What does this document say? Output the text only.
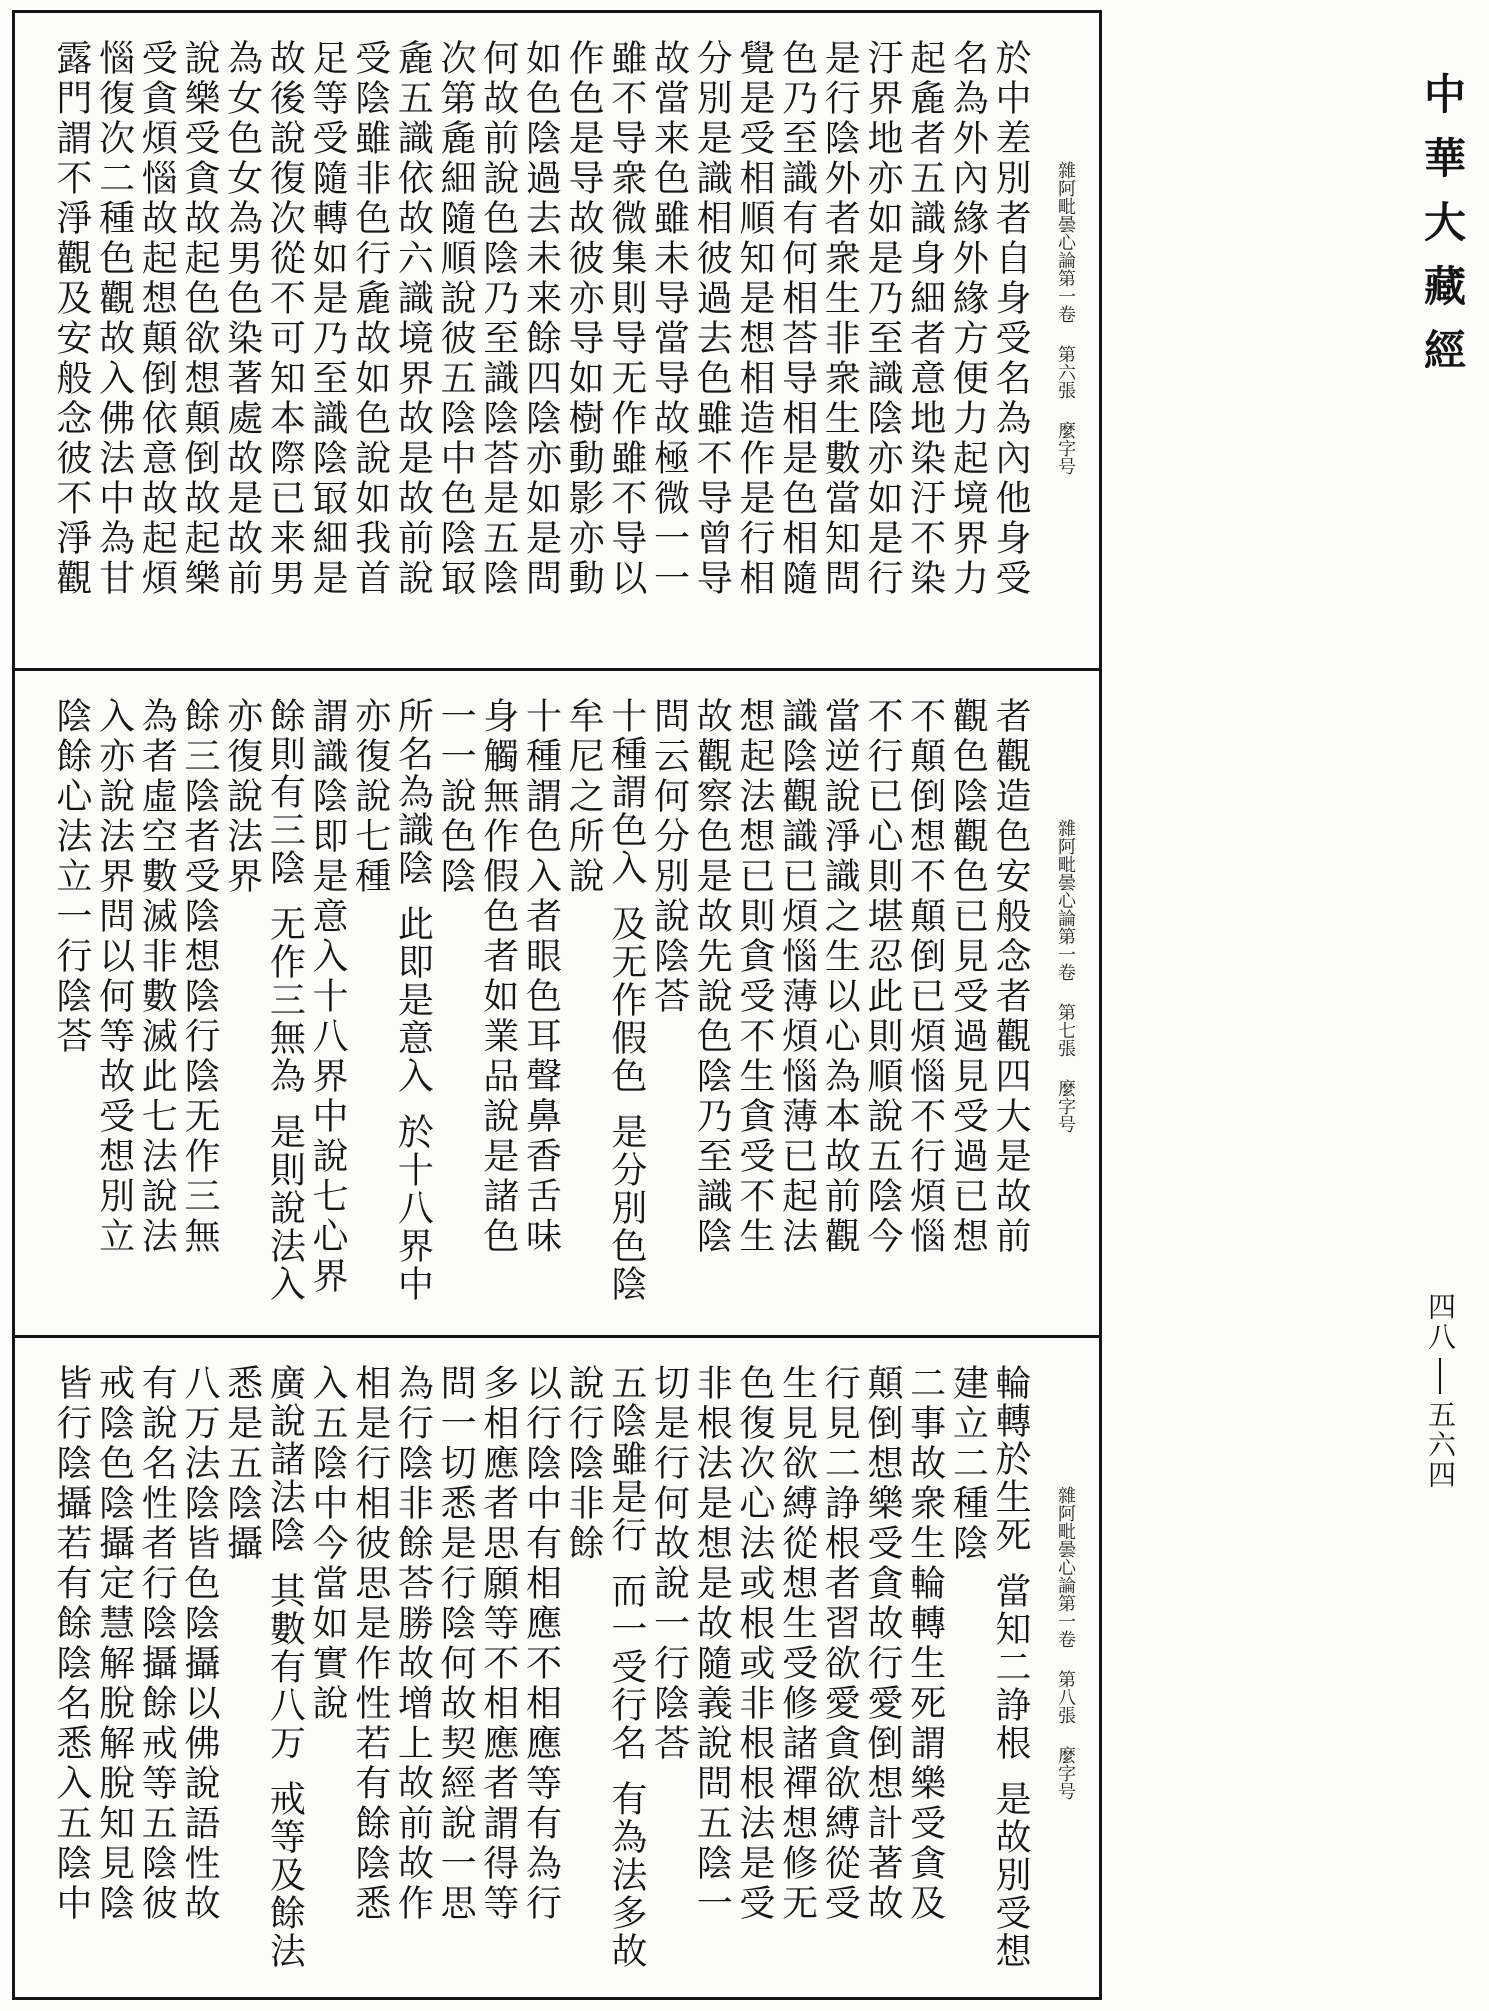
雜阿毗曇心論第一卷第六張麼字号
於中差別者自身受名為內他身受
名為外內緣外緣方便力起境界力
起麁者五識身細者意地染汙不染
汙界地亦如是乃至識陰亦如是行
是行陰外者衆生非衆生數當知問
色乃至識有何相荅导相是色相隨
覺是受相順知是想相造作是行相
分別是識相彼過去色雖不导曾导
故當来色雖未导當导故極微一一
雖不导衆微集則导无作雖不导以
作色是导故彼亦导如樹動影亦動
如色陰過去未来餘四陰亦如是問
何故前說色陰乃至識陰荅是五陰
次第麁細隨順說彼五陰中色陰冣
麁五識依故六識境界故是故前說
受陰雖非色行麁故如色說如我首
足等受隨轉如是乃至識陰冣細是
故後說復次從不可知本際已来男
為女色女為男色染著處故是故前
說樂受貪故起色欲想顛倒故起樂
受貪煩惱故起想顛倒依意故起煩
惱復次二種色觀故入佛法中為甘
露門謂不淨觀及安般念彼不淨觀
雜阿毗曇心論第一卷第七張麼字号
者觀造色安般念者觀四大是故前
觀色陰觀色已見受過見受過已想
不顛倒想不顛倒已煩惱不行煩惱
不行已心則堪忍此則順說五陰今
當逆說淨識之生以心為本故前觀
識陰觀識已煩惱薄煩惱薄已起法
想起法想已則貪受不生貪受不生
故觀察色是故先說色陰乃至識陰
問云何分別說陰荅
十種謂色入及无作假色是分別色陰
牟尼之所說
十種謂色入者眼色耳聲鼻香舌味
身觸無作假色者如業品說是諸色
一一說色陰
所名為識陰此即是意入於十八界中
亦復說七種
謂識陰即是意入十八界中說七心界
餘則有三陰无作三無為是則說法入
亦復說法界
餘三陰者受陰想陰行陰无作三無
為者虛空數滅非數滅此七法說法
入亦說法界問以何等故受想別立
陰餘心法立一行陰荅
雜阿毗曇心論第一卷第八張麼字号
輪轉於生死當知二諍根是故別受想
建立二種陰
二事故衆生輪轉生死謂樂受貪及
顛倒想樂受貪故行愛倒想計著故
行見二諍根者習欲愛貪欲縛從受
生見欲縛從想生受修諸禪想修无
色復次心法或根或非根根法是受
非根法是想是故隨義說問五陰一
切是行何故說一行陰荅
五陰雖是行而一受行名有為法多故
說行陰非餘
以行陰中有相應不相應等有為行
多相應者思願等不相應者謂得等
問一切悉是行陰何故契經說一思
為行陰非餘荅勝故增上故前故作
相是行相彼思是作性若有餘陰悉
入五陰中今當如實說
廣說諸法陰其數有八万戒等及餘法
悉是五陰攝
八万法陰皆色陰攝以佛說語性故
有說名性者行陰攝餘戒等五陰彼
戒陰色陰攝定慧解脫解脫知見陰
皆行陰攝若有餘陰名悉入五陰中
中華大藏經
四八
五六四
